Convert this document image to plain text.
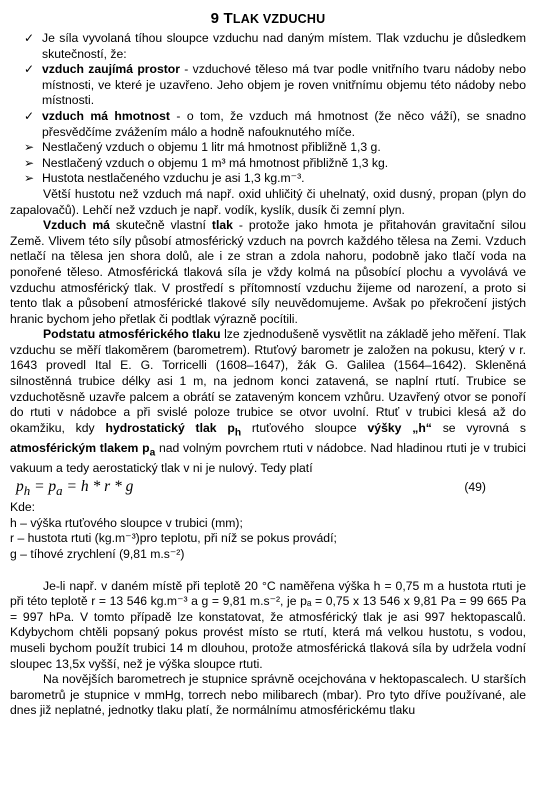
9 TLAK VZDUCHU
✓ Je síla vyvolaná tíhou sloupce vzduchu nad daným místem. Tlak vzduchu je důsledkem skutečností, že:

✓ vzduch zaujímá prostor - vzduchové těleso má tvar podle vnitřního tvaru nádoby nebo místnosti, ve které je uzavřeno. Jeho objem je roven vnitřnímu objemu této nádoby nebo místnosti.

✓ vzduch má hmotnost - o tom, že vzduch má hmotnost (že něco váží), se snadno přesvědčíme zvážením málo a hodně nafouknutého míče.

➢ Nestlačený vzduch o objemu 1 litr má hmotnost přibližně 1,3 g.

➢ Nestlačený vzduch o objemu 1 m³ má hmotnost přibližně 1,3 kg.

➢ Hustota nestlačeného vzduchu je asi 1,3 kg.m⁻³.

Větší hustotu než vzduch má např. oxid uhličitý či uhelnatý, oxid dusný, propan (plyn do zapalovačů). Lehčí než vzduch je např. vodík, kyslík, dusík či zemní plyn.

Vzduch má skutečně vlastní tlak - protože jako hmota je přitahován gravitační silou Země. Vlivem této síly působí atmosférický vzduch na povrch každého tělesa na Zemi. Vzduch netlačí na tělesa jen shora dolů, ale i ze stran a zdola nahoru, podobně jako tlačí voda na ponořené těleso. Atmosférická tlaková síla je vždy kolmá na působící plochu a vyvolává ve vzduchu atmosférický tlak. V prostředí s přítomností vzduchu žijeme od narození, a proto si tento tlak a působení atmosférické tlakové síly neuvědomujeme. Avšak po překročení jistých hranic bychom jeho přetlak či podtlak výrazně pocítili.

Podstatu atmosférického tlaku lze zjednodušeně vysvětlit na základě jeho měření. Tlak vzduchu se měří tlakoměrem (barometrem). Rtuťový barometr je založen na pokusu, který v r. 1643 provedl Ital E. G. Torricelli (1608–1647), žák G. Galilea (1564–1642). Skleněná silnostěnná trubice délky asi 1 m, na jednom konci zatavená, se naplní rtutí. Trubice se vzduchotěsně uzavře palcem a obrátí se zataveným koncem vzhůru. Uzavřený otvor se ponoří do rtuti v nádobce a při svislé poloze trubice se otvor uvolní. Rtuť v trubici klesá až do okamžiku, kdy hydrostatický tlak $p_h$ rtuťového sloupce výšky „h“ se vyrovná s atmosférickým tlakem $p_a$ nad volným povrchem rtuti v nádobce. Nad hladinou rtuti je v trubici vakuum a tedy aerostatický tlak v ni je nulový. Tedy platí

$p_h = p_a = h * r * g$	(49)

Kde:

h – výška rtuťového sloupce v trubici (mm);

r – hustota rtuti (kg.m⁻³)pro teplotu, při níž se pokus provádí;

g – tíhové zrychlení (9,81 m.s⁻²)

Je-li např. v daném místě při teplotě 20 °C naměřena výška h = 0,75 m a hustota rtuti je při této teplotě r = 13 546 kg.m⁻³ a g = 9,81 m.s⁻², je pₐ = 0,75 x 13 546 x 9,81 Pa = 99 665 Pa = 997 hPa. V tomto případě lze konstatovat, že atmosférický tlak je asi 997 hektopascalů. Kdybychom chtěli popsaný pokus provést místo se rtutí, která má velkou hustotu, s vodou, museli bychom použít trubici 14 m dlouhou, protože atmosférická tlaková síla by udržela vodní sloupec 13,5x vyšší, než je výška sloupce rtuti.

Na novějších barometrech je stupnice správně ocejchována v hektopascalech. U starších barometrů je stupnice v mmHg, torrech nebo milibarech (mbar). Pro tyto dříve používané, ale dnes již neplatné, jednotky tlaku platí, že normálnímu atmosférickému tlaku
